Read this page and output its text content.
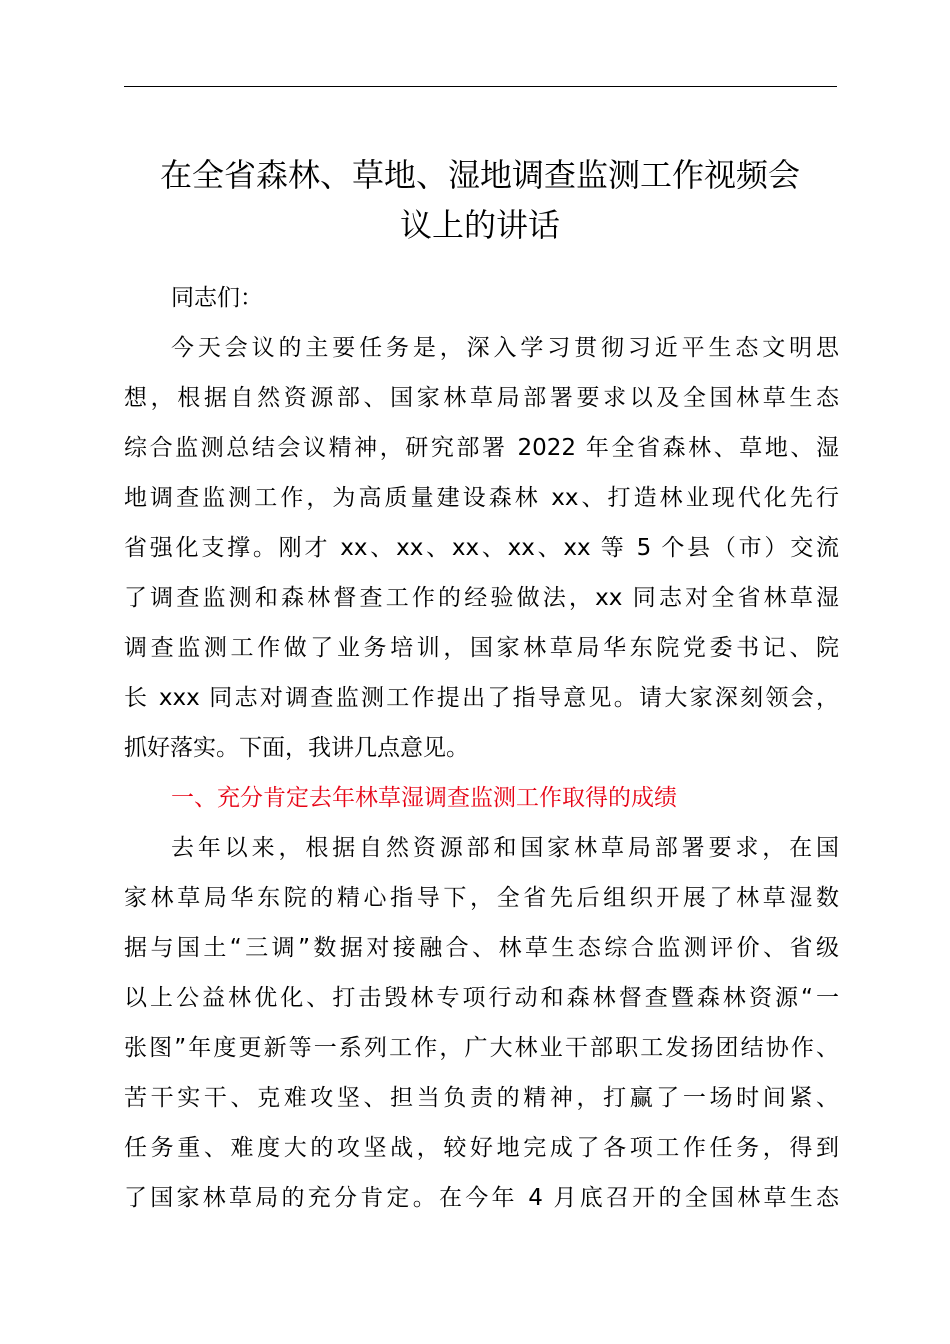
在全省森林、草地、湿地调查监测工作视频会
议上的讲话
同志们：
今天会议的主要任务是，深入学习贯彻习近平生态文明思
想，根据自然资源部、国家林草局部署要求以及全国林草生态
综合监测总结会议精神，研究部署 2022 年全省森林、草地、湿
地调查监测工作，为高质量建设森林 xx、打造林业现代化先行
省强化支撑。刚才 xx、xx、xx、xx、xx 等 5 个县（市）交流
了调查监测和森林督查工作的经验做法，xx 同志对全省林草湿
调查监测工作做了业务培训，国家林草局华东院党委书记、院
长 xxx 同志对调查监测工作提出了指导意见。请大家深刻领会，
抓好落实。下面，我讲几点意见。
一、充分肯定去年林草湿调查监测工作取得的成绩
去年以来，根据自然资源部和国家林草局部署要求，在国
家林草局华东院的精心指导下，全省先后组织开展了林草湿数
据与国土“三调”数据对接融合、林草生态综合监测评价、省级
以上公益林优化、打击毁林专项行动和森林督查暨森林资源“一
张图”年度更新等一系列工作，广大林业干部职工发扬团结协作、
苦干实干、克难攻坚、担当负责的精神，打赢了一场时间紧、
任务重、难度大的攻坚战，较好地完成了各项工作任务，得到
了国家林草局的充分肯定。在今年 4 月底召开的全国林草生态
